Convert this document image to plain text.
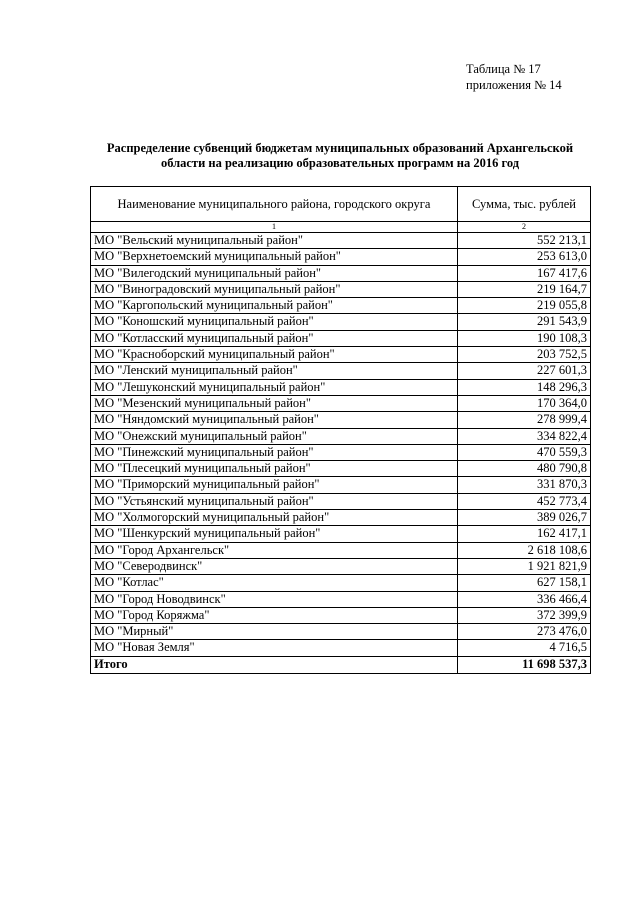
Таблица № 17
приложения № 14
Распределение субвенций бюджетам муниципальных образований Архангельской
области на реализацию образовательных программ на 2016 год
Наименование муниципального района, городского округа	Сумма, тыс. рублей
1	2
МО "Вельский муниципальный район"	552 213,1
МО "Верхнетоемский муниципальный район"	253 613,0
МО "Вилегодский муниципальный район"	167 417,6
МО "Виноградовский муниципальный район"	219 164,7
МО "Каргопольский муниципальный район"	219 055,8
МО "Коношский муниципальный район"	291 543,9
МО "Котласский муниципальный район"	190 108,3
МО "Красноборский муниципальный район"	203 752,5
МО "Ленский муниципальный район"	227 601,3
МО "Лешуконский муниципальный район"	148 296,3
МО "Мезенский муниципальный район"	170 364,0
МО "Няндомский муниципальный район"	278 999,4
МО "Онежский муниципальный район"	334 822,4
МО "Пинежский муниципальный район"	470 559,3
МО "Плесецкий муниципальный район"	480 790,8
МО "Приморский муниципальный район"	331 870,3
МО "Устьянский муниципальный район"	452 773,4
МО "Холмогорский муниципальный район"	389 026,7
МО "Шенкурский муниципальный район"	162 417,1
МО "Город Архангельск"	2 618 108,6
МО "Северодвинск"	1 921 821,9
МО "Котлас"	627 158,1
МО "Город Новодвинск"	336 466,4
МО "Город Коряжма"	372 399,9
МО "Мирный"	273 476,0
МО "Новая Земля"	4 716,5
Итого	11 698 537,3
